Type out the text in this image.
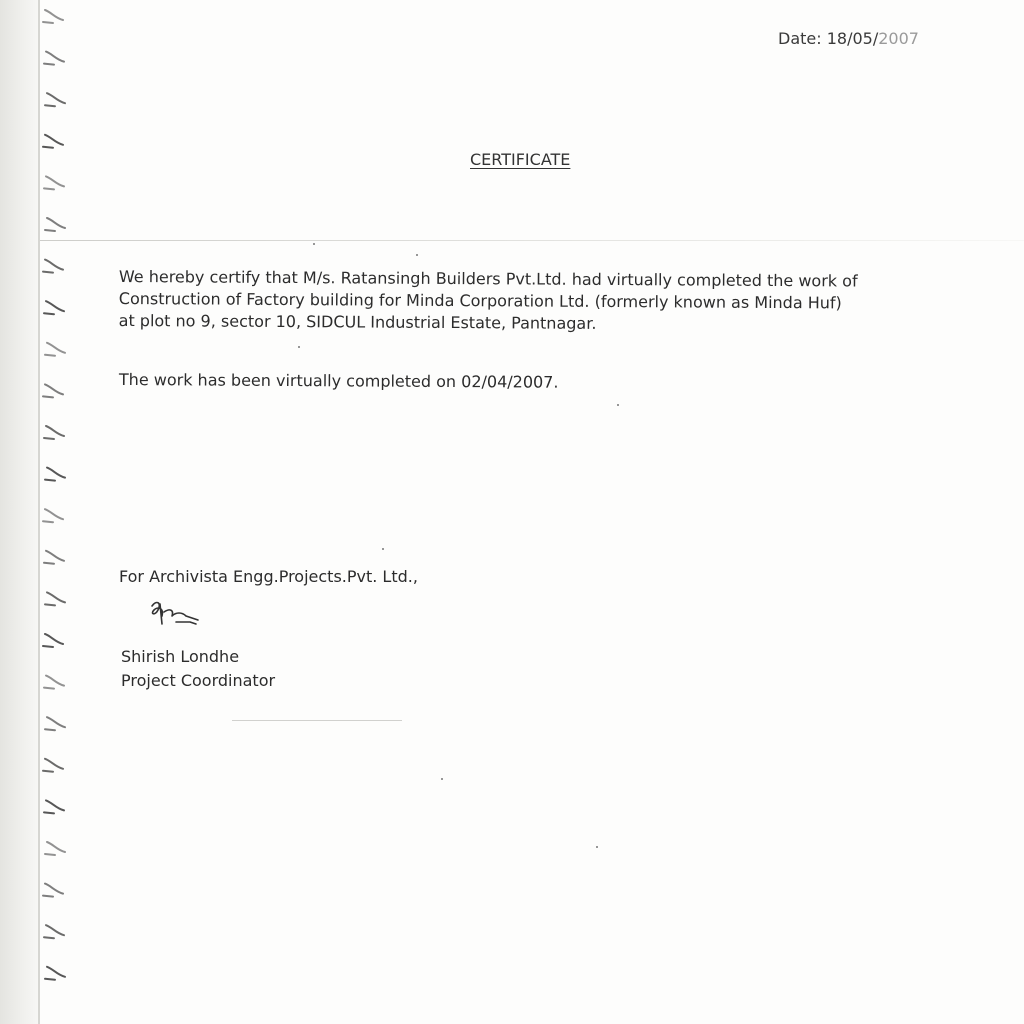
Date: 18/05/2007
CERTIFICATE

We hereby certify that M/s. Ratansingh Builders Pvt.Ltd. had virtually completed the work of

Construction of Factory building for Minda Corporation Ltd. (formerly known as Minda Huf)

at plot no 9, sector 10, SIDCUL Industrial Estate, Pantnagar.

The work has been virtually completed on 02/04/2007.
For Archivista Engg.Projects.Pvt. Ltd.,
Shirish Londhe
Project Coordinator
